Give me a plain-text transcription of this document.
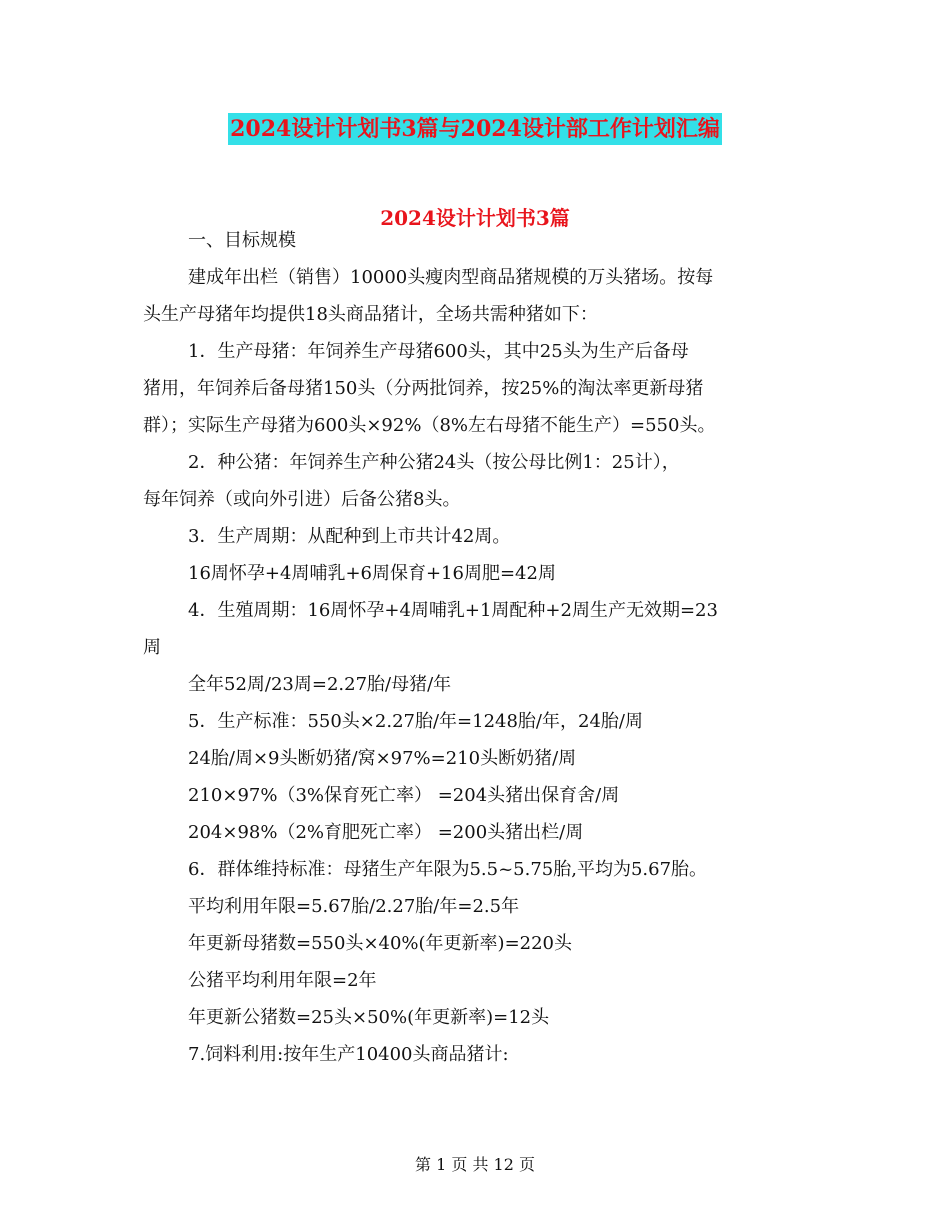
2024设计计划书3篇与2024设计部工作计划汇编
2024设计计划书3篇

一、目标规模

建成年出栏（销售）10000头瘦肉型商品猪规模的万头猪场。按每

头生产母猪年均提供18头商品猪计，全场共需种猪如下：

1．生产母猪：年饲养生产母猪600头，其中25头为生产后备母

猪用，年饲养后备母猪150头（分两批饲养，按25%的淘汰率更新母猪

群）；实际生产母猪为600头×92%（8%左右母猪不能生产）=550头。

2．种公猪：年饲养生产种公猪24头（按公母比例1：25计），

每年饲养（或向外引进）后备公猪8头。

3．生产周期：从配种到上市共计42周。

16周怀孕+4周哺乳+6周保育+16周肥=42周

4．生殖周期：16周怀孕+4周哺乳+1周配种+2周生产无效期=23

周

全年52周/23周=2.27胎/母猪/年

5．生产标准：550头×2.27胎/年=1248胎/年，24胎/周

24胎/周×9头断奶猪/窝×97%=210头断奶猪/周

210×97%（3%保育死亡率） =204头猪出保育舍/周

204×98%（2%育肥死亡率） =200头猪出栏/周

6．群体维持标准：母猪生产年限为5.5~5.75胎,平均为5.67胎。

平均利用年限=5.67胎/2.27胎/年=2.5年

年更新母猪数=550头×40%(年更新率)=220头

公猪平均利用年限=2年

年更新公猪数=25头×50%(年更新率)=12头

7.饲料利用:按年生产10400头商品猪计:

第 1 页 共 12 页
